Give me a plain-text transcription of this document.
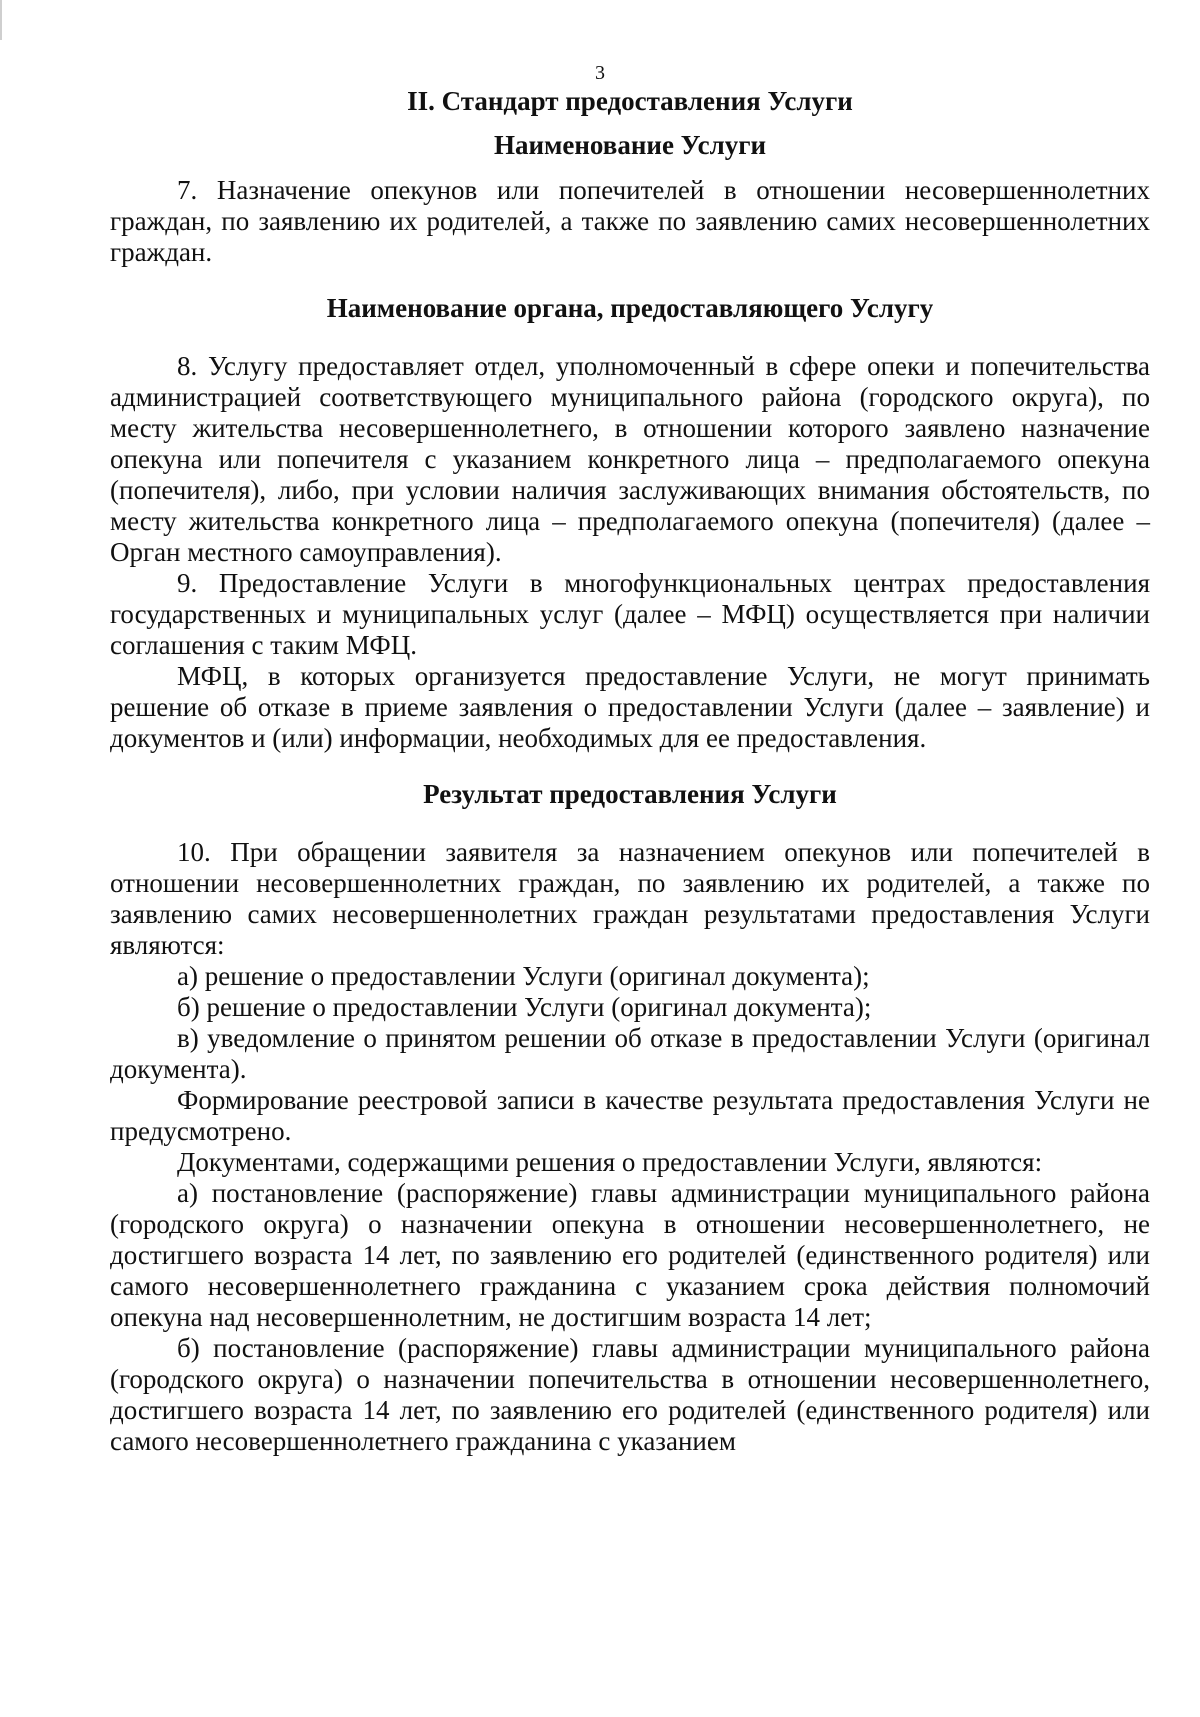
3

II. Стандарт предоставления Услуги

Наименование Услуги

7. Назначение опекунов или попечителей в отношении несовершеннолетних граждан, по заявлению их родителей, а также по заявлению самих несовершеннолетних граждан.

Наименование органа, предоставляющего Услугу

8. Услугу предоставляет отдел, уполномоченный в сфере опеки и попечительства администрацией соответствующего муниципального района (городского округа), по месту жительства несовершеннолетнего, в отношении которого заявлено назначение опекуна или попечителя с указанием конкретного лица – предполагаемого опекуна (попечителя), либо, при условии наличия заслуживающих внимания обстоятельств, по месту жительства конкретного лица – предполагаемого опекуна (попечителя) (далее – Орган местного самоуправления).

9. Предоставление Услуги в многофункциональных центрах предоставления государственных и муниципальных услуг (далее – МФЦ) осуществляется при наличии соглашения с таким МФЦ.

МФЦ, в которых организуется предоставление Услуги, не могут принимать решение об отказе в приеме заявления о предоставлении Услуги (далее – заявление) и документов и (или) информации, необходимых для ее предоставления.

Результат предоставления Услуги

10. При обращении заявителя за назначением опекунов или попечителей в отношении несовершеннолетних граждан, по заявлению их родителей, а также по заявлению самих несовершеннолетних граждан результатами предоставления Услуги являются:

а) решение о предоставлении Услуги (оригинал документа);

б) решение о предоставлении Услуги (оригинал документа);

в) уведомление о принятом решении об отказе в предоставлении Услуги (оригинал документа).

Формирование реестровой записи в качестве результата предоставления Услуги не предусмотрено.

Документами, содержащими решения о предоставлении Услуги, являются:

а) постановление (распоряжение) главы администрации муниципального района (городского округа) о назначении опекуна в отношении несовершеннолетнего, не достигшего возраста 14 лет, по заявлению его родителей (единственного родителя) или самого несовершеннолетнего гражданина с указанием срока действия полномочий опекуна над несовершеннолетним, не достигшим возраста 14 лет;

б) постановление (распоряжение) главы администрации муниципального района (городского округа) о назначении попечительства в отношении несовершеннолетнего, достигшего возраста 14 лет, по заявлению его родителей (единственного родителя) или самого несовершеннолетнего гражданина с указанием
